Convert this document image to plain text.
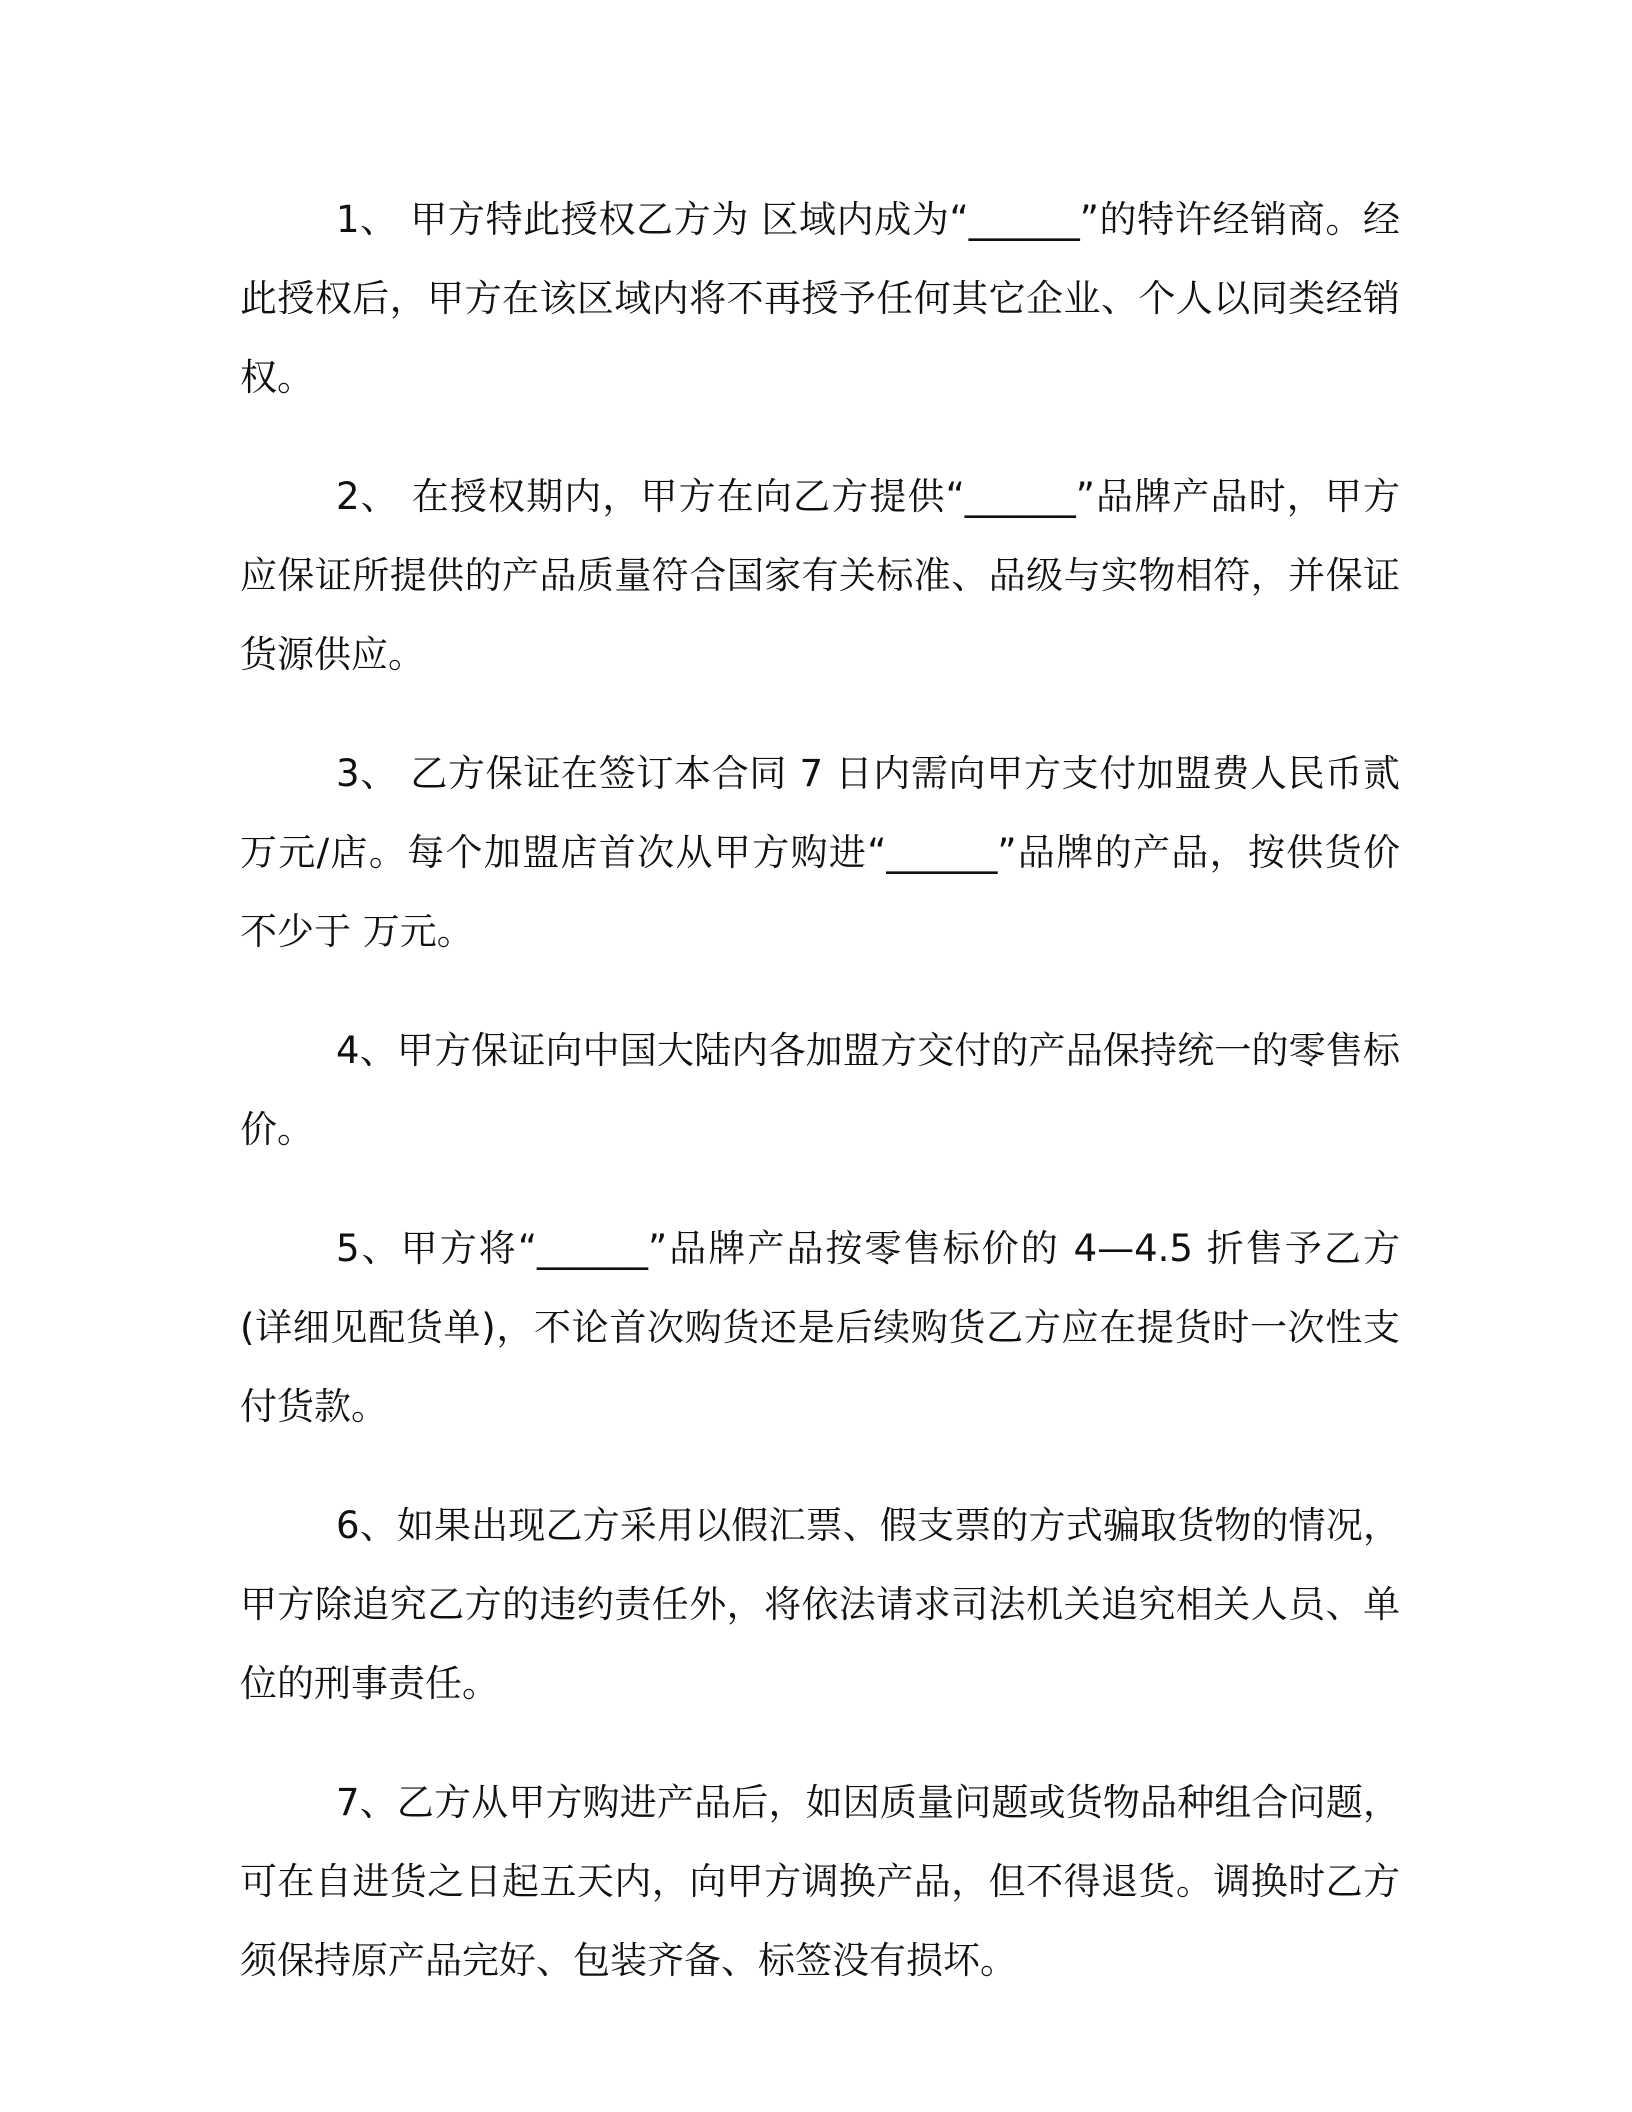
1、 甲方特此授权乙方为 区域内成为“______”的特许经销商。经此授权后，甲方在该区域内将不再授予任何其它企业、个人以同类经销权。

2、 在授权期内，甲方在向乙方提供“______”品牌产品时，甲方应保证所提供的产品质量符合国家有关标准、品级与实物相符，并保证货源供应。

3、 乙方保证在签订本合同 7 日内需向甲方支付加盟费人民币贰万元/店。每个加盟店首次从甲方购进“______”品牌的产品，按供货价不少于 万元。

4、甲方保证向中国大陆内各加盟方交付的产品保持统一的零售标价。

5、甲方将“______”品牌产品按零售标价的 4—4.5 折售予乙方(详细见配货单)，不论首次购货还是后续购货乙方应在提货时一次性支付货款。

6、如果出现乙方采用以假汇票、假支票的方式骗取货物的情况，甲方除追究乙方的违约责任外，将依法请求司法机关追究相关人员、单位的刑事责任。

7、乙方从甲方购进产品后，如因质量问题或货物品种组合问题，可在自进货之日起五天内，向甲方调换产品，但不得退货。调换时乙方须保持原产品完好、包装齐备、标签没有损坏。
